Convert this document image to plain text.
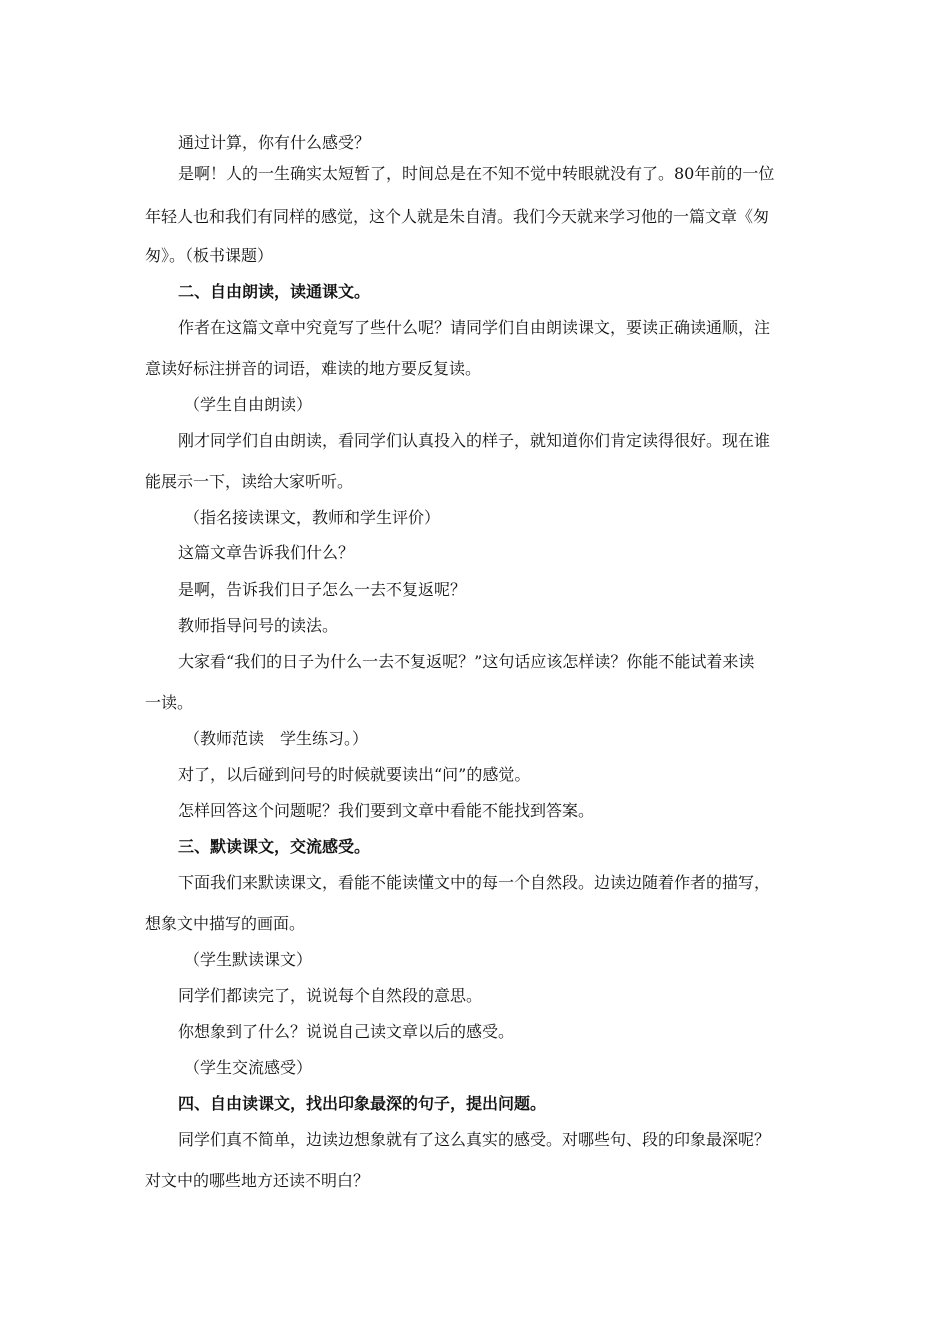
通过计算，你有什么感受？
是啊！人的一生确实太短暂了，时间总是在不知不觉中转眼就没有了。80年前的一位
年轻人也和我们有同样的感觉，这个人就是朱自清。我们今天就来学习他的一篇文章《匆
匆》。（板书课题）
二、自由朗读，读通课文。
作者在这篇文章中究竟写了些什么呢？请同学们自由朗读课文，要读正确读通顺，注
意读好标注拼音的词语，难读的地方要反复读。
（学生自由朗读）
刚才同学们自由朗读，看同学们认真投入的样子，就知道你们肯定读得很好。现在谁
能展示一下，读给大家听听。
（指名接读课文，教师和学生评价）
这篇文章告诉我们什么？
是啊，告诉我们日子怎么一去不复返呢？
教师指导问号的读法。
大家看“我们的日子为什么一去不复返呢？”这句话应该怎样读？你能不能试着来读
一读。
（教师范读　学生练习。）
对了，以后碰到问号的时候就要读出“问”的感觉。
怎样回答这个问题呢？我们要到文章中看能不能找到答案。
三、默读课文，交流感受。
下面我们来默读课文，看能不能读懂文中的每一个自然段。边读边随着作者的描写，
想象文中描写的画面。
（学生默读课文）
同学们都读完了，说说每个自然段的意思。
你想象到了什么？说说自己读文章以后的感受。
（学生交流感受）
四、自由读课文，找出印象最深的句子，提出问题。
同学们真不简单，边读边想象就有了这么真实的感受。对哪些句、段的印象最深呢？
对文中的哪些地方还读不明白？
